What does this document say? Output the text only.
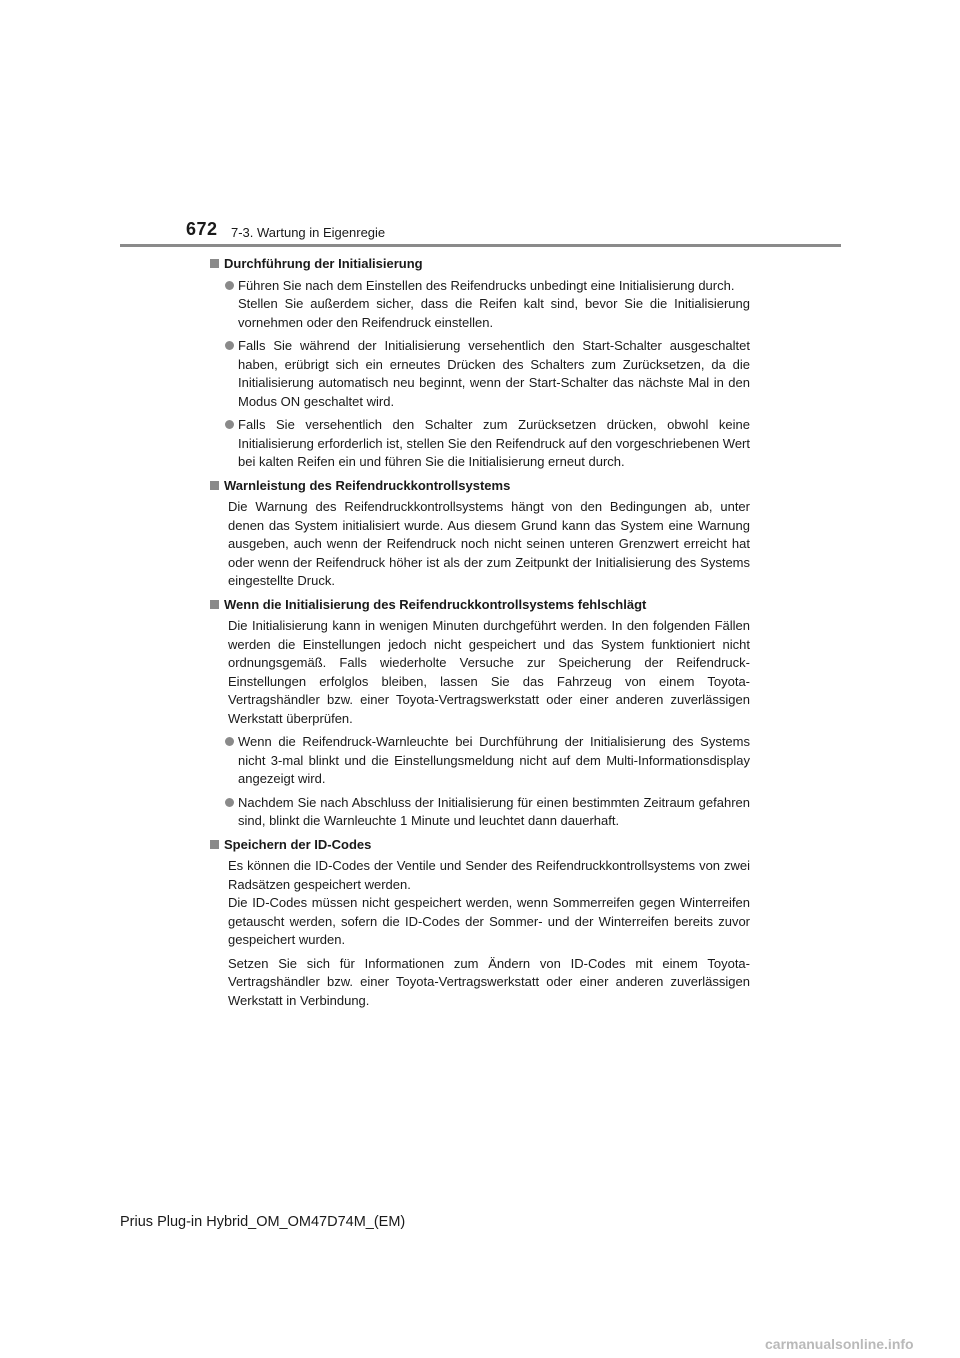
672 7-3. Wartung in Eigenregie
Durchführung der Initialisierung

Führen Sie nach dem Einstellen des Reifendrucks unbedingt eine Initialisierung durch.

Stellen Sie außerdem sicher, dass die Reifen kalt sind, bevor Sie die Initialisierung vornehmen oder den Reifendruck einstellen.

Falls Sie während der Initialisierung versehentlich den Start-Schalter ausgeschaltet haben, erübrigt sich ein erneutes Drücken des Schalters zum Zurücksetzen, da die Initialisierung automatisch neu beginnt, wenn der Start-Schalter das nächste Mal in den Modus ON geschaltet wird.

Falls Sie versehentlich den Schalter zum Zurücksetzen drücken, obwohl keine Initialisierung erforderlich ist, stellen Sie den Reifendruck auf den vorgeschriebenen Wert bei kalten Reifen ein und führen Sie die Initialisierung erneut durch.

Warnleistung des Reifendruckkontrollsystems

Die Warnung des Reifendruckkontrollsystems hängt von den Bedingungen ab, unter denen das System initialisiert wurde. Aus diesem Grund kann das System eine Warnung ausgeben, auch wenn der Reifendruck noch nicht seinen unteren Grenzwert erreicht hat oder wenn der Reifendruck höher ist als der zum Zeitpunkt der Initialisierung des Systems eingestellte Druck.

Wenn die Initialisierung des Reifendruckkontrollsystems fehlschlägt

Die Initialisierung kann in wenigen Minuten durchgeführt werden. In den folgenden Fällen werden die Einstellungen jedoch nicht gespeichert und das System funktioniert nicht ordnungsgemäß. Falls wiederholte Versuche zur Speicherung der Reifendruck-Einstellungen erfolglos bleiben, lassen Sie das Fahrzeug von einem Toyota-Vertragshändler bzw. einer Toyota-Vertragswerkstatt oder einer anderen zuverlässigen Werkstatt überprüfen.

Wenn die Reifendruck-Warnleuchte bei Durchführung der Initialisierung des Systems nicht 3-mal blinkt und die Einstellungsmeldung nicht auf dem Multi-Informationsdisplay angezeigt wird.

Nachdem Sie nach Abschluss der Initialisierung für einen bestimmten Zeitraum gefahren sind, blinkt die Warnleuchte 1 Minute und leuchtet dann dauerhaft.

Speichern der ID-Codes

Es können die ID-Codes der Ventile und Sender des Reifendruckkontrollsystems von zwei Radsätzen gespeichert werden.

Die ID-Codes müssen nicht gespeichert werden, wenn Sommerreifen gegen Winterreifen getauscht werden, sofern die ID-Codes der Sommer- und der Winterreifen bereits zuvor gespeichert wurden.

Setzen Sie sich für Informationen zum Ändern von ID-Codes mit einem Toyota-Vertragshändler bzw. einer Toyota-Vertragswerkstatt oder einer anderen zuverlässigen Werkstatt in Verbindung.

Prius Plug-in Hybrid_OM_OM47D74M_(EM)
carmanualsonline.info
